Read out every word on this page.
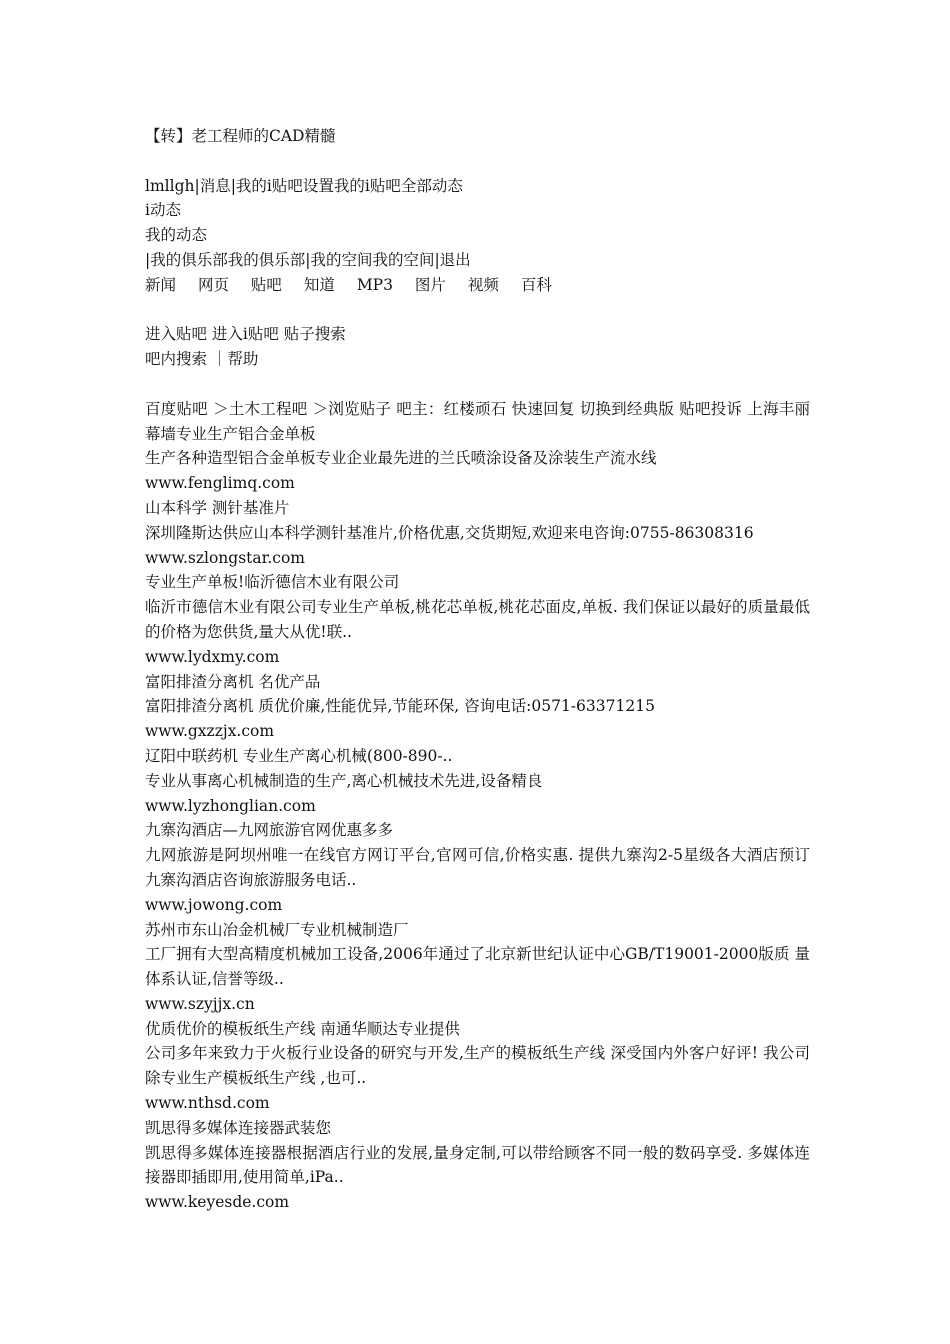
【转】老工程师的CAD精髓
lmllgh|消息|我的i贴吧设置我的i贴吧全部动态
i动态
我的动态
|我的俱乐部我的俱乐部|我的空间我的空间|退出
新闻 网页 贴吧 知道 MP3 图片 视频 百科
进入贴吧 进入i贴吧 贴子搜索
吧内搜索 ｜帮助
百度贴吧 ＞土木工程吧 ＞浏览贴子 吧主：红楼顽石 快速回复 切换到经典版 贴吧投诉 上海丰丽幕墙专业生产铝合金单板
生产各种造型铝合金单板专业企业最先进的兰氏喷涂设备及涂装生产流水线
www.fenglimq.com
山本科学 测针基准片
深圳隆斯达供应山本科学测针基准片,价格优惠,交货期短,欢迎来电咨询:0755-86308316
www.szlongstar.com
专业生产单板!临沂德信木业有限公司
临沂市德信木业有限公司专业生产单板,桃花芯单板,桃花芯面皮,单板. 我们保证以最好的质量最低的价格为您供货,量大从优!联..
www.lydxmy.com
富阳排渣分离机 名优产品
富阳排渣分离机 质优价廉,性能优异,节能环保, 咨询电话:0571-63371215
www.gxzzjx.com
辽阳中联药机 专业生产离心机械(800-890-..
专业从事离心机械制造的生产,离心机械技术先进,设备精良
www.lyzhonglian.com
九寨沟酒店—九网旅游官网优惠多多
九网旅游是阿坝州唯一在线官方网订平台,官网可信,价格实惠. 提供九寨沟2-5星级各大酒店预订 九寨沟酒店咨询旅游服务电话..
www.jowong.com
苏州市东山冶金机械厂专业机械制造厂
工厂拥有大型高精度机械加工设备,2006年通过了北京新世纪认证中心GB/T19001-2000版质 量体系认证,信誉等级..
www.szyjjx.cn
优质优价的模板纸生产线 南通华顺达专业提供
公司多年来致力于火板行业设备的研究与开发,生产的模板纸生产线 深受国内外客户好评! 我公司除专业生产模板纸生产线 ,也可..
www.nthsd.com
凯思得多媒体连接器武装您
凯思得多媒体连接器根据酒店行业的发展,量身定制,可以带给顾客不同一般的数码享受. 多媒体连接器即插即用,使用简单,iPa..
www.keyesde.com
